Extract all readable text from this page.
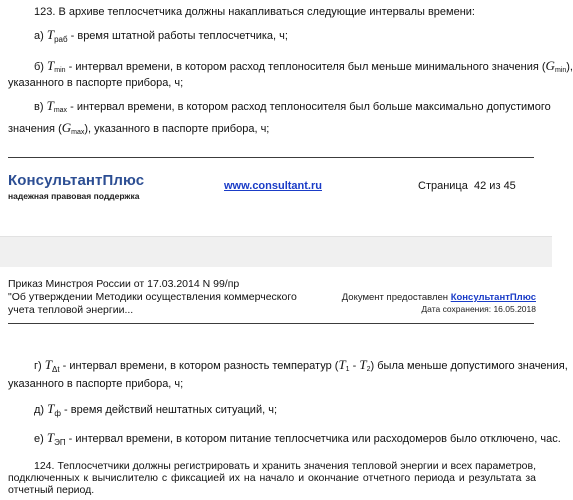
123. В архиве теплосчетчика должны накапливаться следующие интервалы времени:
а) $T_{раб}$ - время штатной работы теплосчетчика, ч;
б) $T_{min}$ - интервал времени, в котором расход теплоносителя был меньше минимального значения $(G_{min})$,
указанного в паспорте прибора, ч;
в) $T_{max}$ - интервал времени, в котором расход теплоносителя был больше максимально допустимого
значения $(G_{max})$, указанного в паспорте прибора, ч;
КонсультантПлюс
надежная правовая поддержка
www.consultant.ru	Страница 42 из 45
Приказ Минстроя России от 17.03.2014 N 99/пр
"Об утверждении Методики осуществления коммерческого
учета тепловой энергии...
Документ предоставлен КонсультантПлюс
Дата сохранения: 16.05.2018
г) $T_{\Delta t}$ - интервал времени, в котором разность температур $(T_1 - T_2)$ была меньше допустимого значения,
указанного в паспорте прибора, ч;
д) $T_ф$ - время действий нештатных ситуаций, ч;
е) $T_{ЭП}$ - интервал времени, в котором питание теплосчетчика или расходомеров было отключено, час.
124. Теплосчетчики должны регистрировать и хранить значения тепловой энергии и всех параметров, подключенных к вычислителю с фиксацией их на начало и окончание отчетного периода и результата за отчетный период.
